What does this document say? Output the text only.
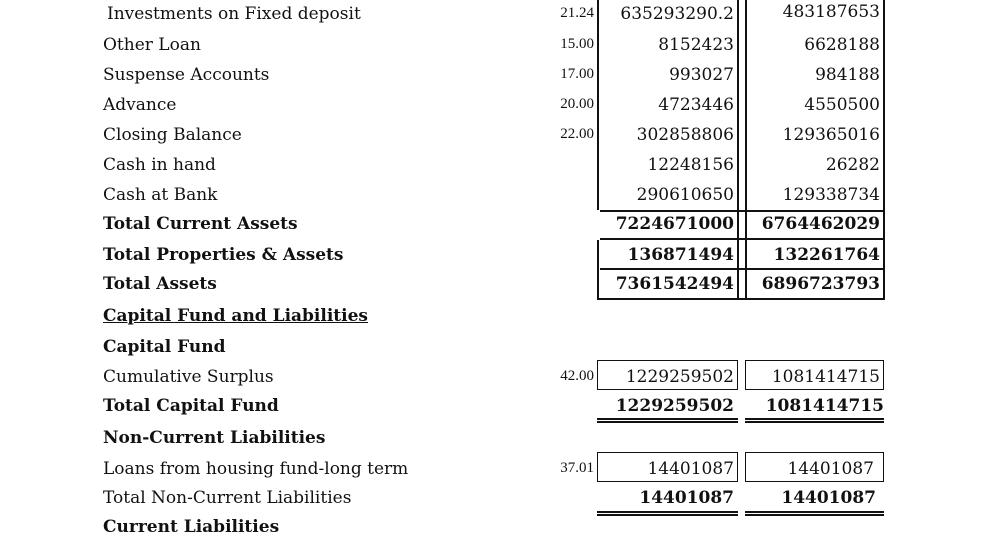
Investments on Fixed deposit	21.24 635293290.2	483187653
Other Loan	15.00	8152423	6628188
Suspense Accounts	17.00	993027	984188
Advance	20.00	4723446	4550500
Closing Balance	22.00	302858806	129365016
Cash in hand	12248156	26282
Cash at Bank	290610650	129338734
Total Current Assets	7224671000 6764462029
Total Properties & Assets	136871494 132261764
Total Assets	7361542494 6896723793
Capital Fund and Liabilities
Capital Fund
Cumulative Surplus	42.00 1229259502 1081414715
Total Capital Fund	1229259502 1081414715
Non-Current Liabilities
Loans from housing fund-long term	37.01	14401087	14401087
Total Non-Current Liabilities	14401087	14401087
Current Liabilities
